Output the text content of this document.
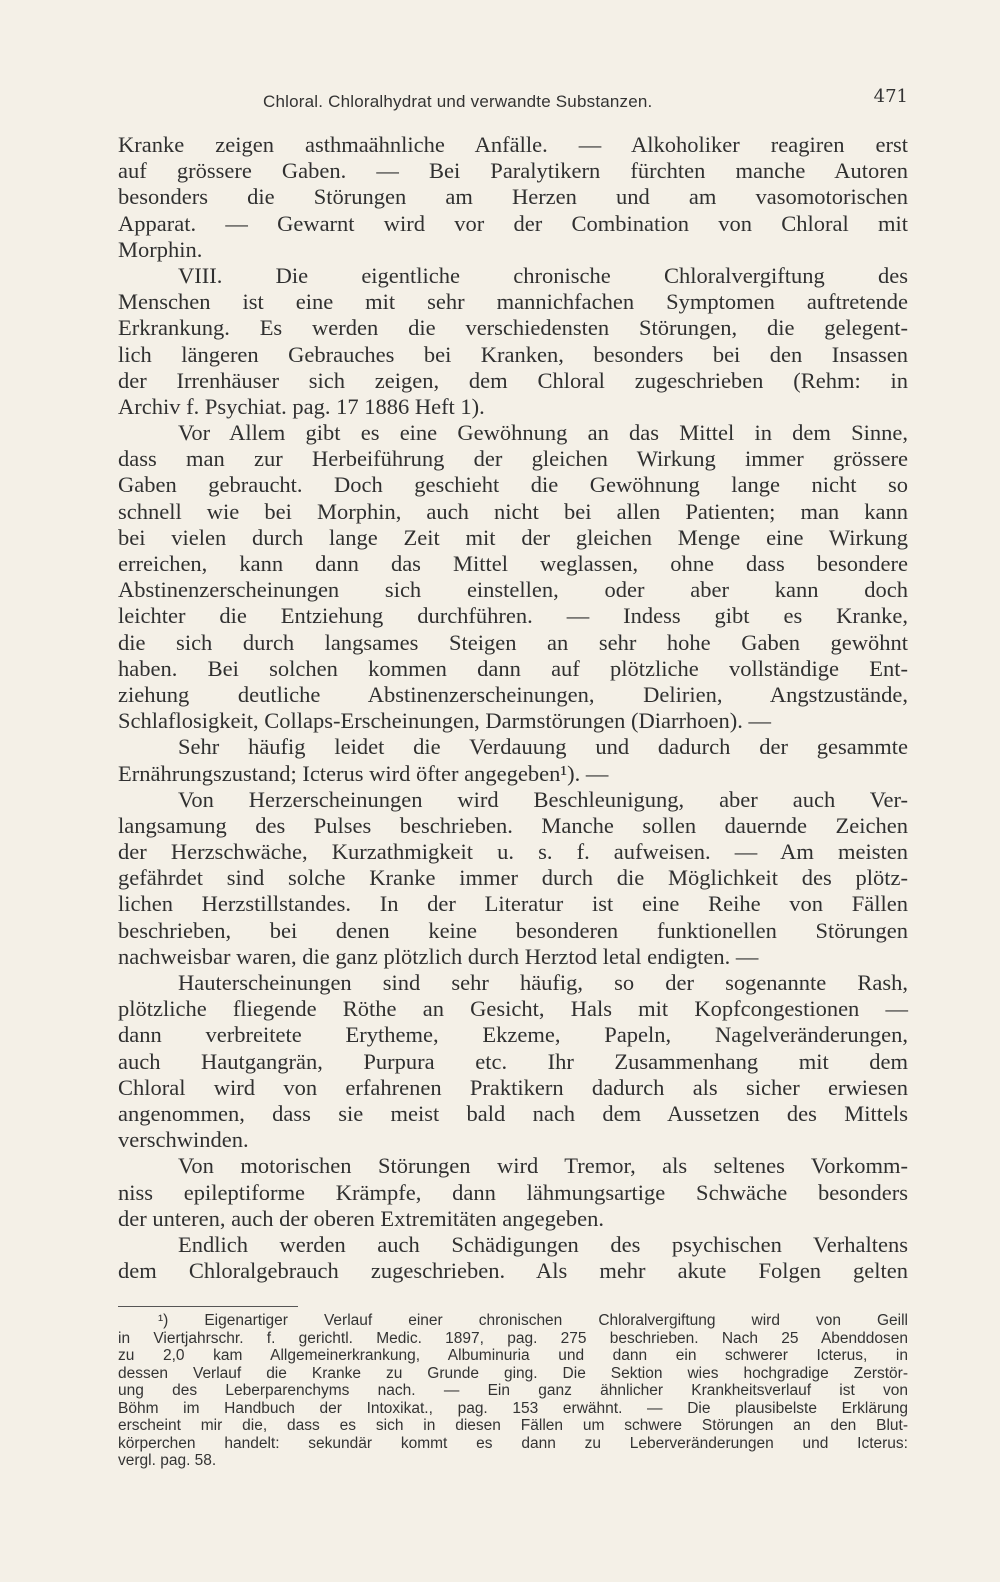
Chloral. Chloralhydrat und verwandte Substanzen.	471
Kranke zeigen asthmaähnliche Anfälle. — Alkoholiker reagiren erst
auf grössere Gaben. — Bei Paralytikern fürchten manche Autoren
besonders die Störungen am Herzen und am vasomotorischen
Apparat. — Gewarnt wird vor der Combination von Chloral mit
Morphin.
VIII. Die eigentliche chronische Chloralvergiftung des
Menschen ist eine mit sehr mannichfachen Symptomen auftretende
Erkrankung. Es werden die verschiedensten Störungen, die gelegent-
lich längeren Gebrauches bei Kranken, besonders bei den Insassen
der Irrenhäuser sich zeigen, dem Chloral zugeschrieben (Rehm: in
Archiv f. Psychiat. pag. 17 1886 Heft 1).
Vor Allem gibt es eine Gewöhnung an das Mittel in dem Sinne,
dass man zur Herbeiführung der gleichen Wirkung immer grössere
Gaben gebraucht. Doch geschieht die Gewöhnung lange nicht so
schnell wie bei Morphin, auch nicht bei allen Patienten; man kann
bei vielen durch lange Zeit mit der gleichen Menge eine Wirkung
erreichen, kann dann das Mittel weglassen, ohne dass besondere
Abstinenzerscheinungen sich einstellen, oder aber kann doch
leichter die Entziehung durchführen. — Indess gibt es Kranke,
die sich durch langsames Steigen an sehr hohe Gaben gewöhnt
haben. Bei solchen kommen dann auf plötzliche vollständige Ent-
ziehung deutliche Abstinenzerscheinungen, Delirien, Angstzustände,
Schlaflosigkeit, Collaps-Erscheinungen, Darmstörungen (Diarrhoen). —
Sehr häufig leidet die Verdauung und dadurch der gesammte
Ernährungszustand; Icterus wird öfter angegeben¹). —
Von Herzerscheinungen wird Beschleunigung, aber auch Ver-
langsamung des Pulses beschrieben. Manche sollen dauernde Zeichen
der Herzschwäche, Kurzathmigkeit u. s. f. aufweisen. — Am meisten
gefährdet sind solche Kranke immer durch die Möglichkeit des plötz-
lichen Herzstillstandes. In der Literatur ist eine Reihe von Fällen
beschrieben, bei denen keine besonderen funktionellen Störungen
nachweisbar waren, die ganz plötzlich durch Herztod letal endigten. —
Hauterscheinungen sind sehr häufig, so der sogenannte Rash,
plötzliche fliegende Röthe an Gesicht, Hals mit Kopfcongestionen —
dann verbreitete Erytheme, Ekzeme, Papeln, Nagelveränderungen,
auch Hautgangrän, Purpura etc. Ihr Zusammenhang mit dem
Chloral wird von erfahrenen Praktikern dadurch als sicher erwiesen
angenommen, dass sie meist bald nach dem Aussetzen des Mittels
verschwinden.
Von motorischen Störungen wird Tremor, als seltenes Vorkomm-
niss epileptiforme Krämpfe, dann lähmungsartige Schwäche besonders
der unteren, auch der oberen Extremitäten angegeben.
Endlich werden auch Schädigungen des psychischen Verhaltens
dem Chloralgebrauch zugeschrieben. Als mehr akute Folgen gelten
¹) Eigenartiger Verlauf einer chronischen Chloralvergiftung wird von Geill
in Viertjahrschr. f. gerichtl. Medic. 1897, pag. 275 beschrieben. Nach 25 Abenddosen
zu 2,0 kam Allgemeinerkrankung, Albuminuria und dann ein schwerer Icterus, in
dessen Verlauf die Kranke zu Grunde ging. Die Sektion wies hochgradige Zerstör-
ung des Leberparenchyms nach. — Ein ganz ähnlicher Krankheitsverlauf ist von
Böhm im Handbuch der Intoxikat., pag. 153 erwähnt. — Die plausibelste Erklärung
erscheint mir die, dass es sich in diesen Fällen um schwere Störungen an den Blut-
körperchen handelt: sekundär kommt es dann zu Leberveränderungen und Icterus:
vergl. pag. 58.
